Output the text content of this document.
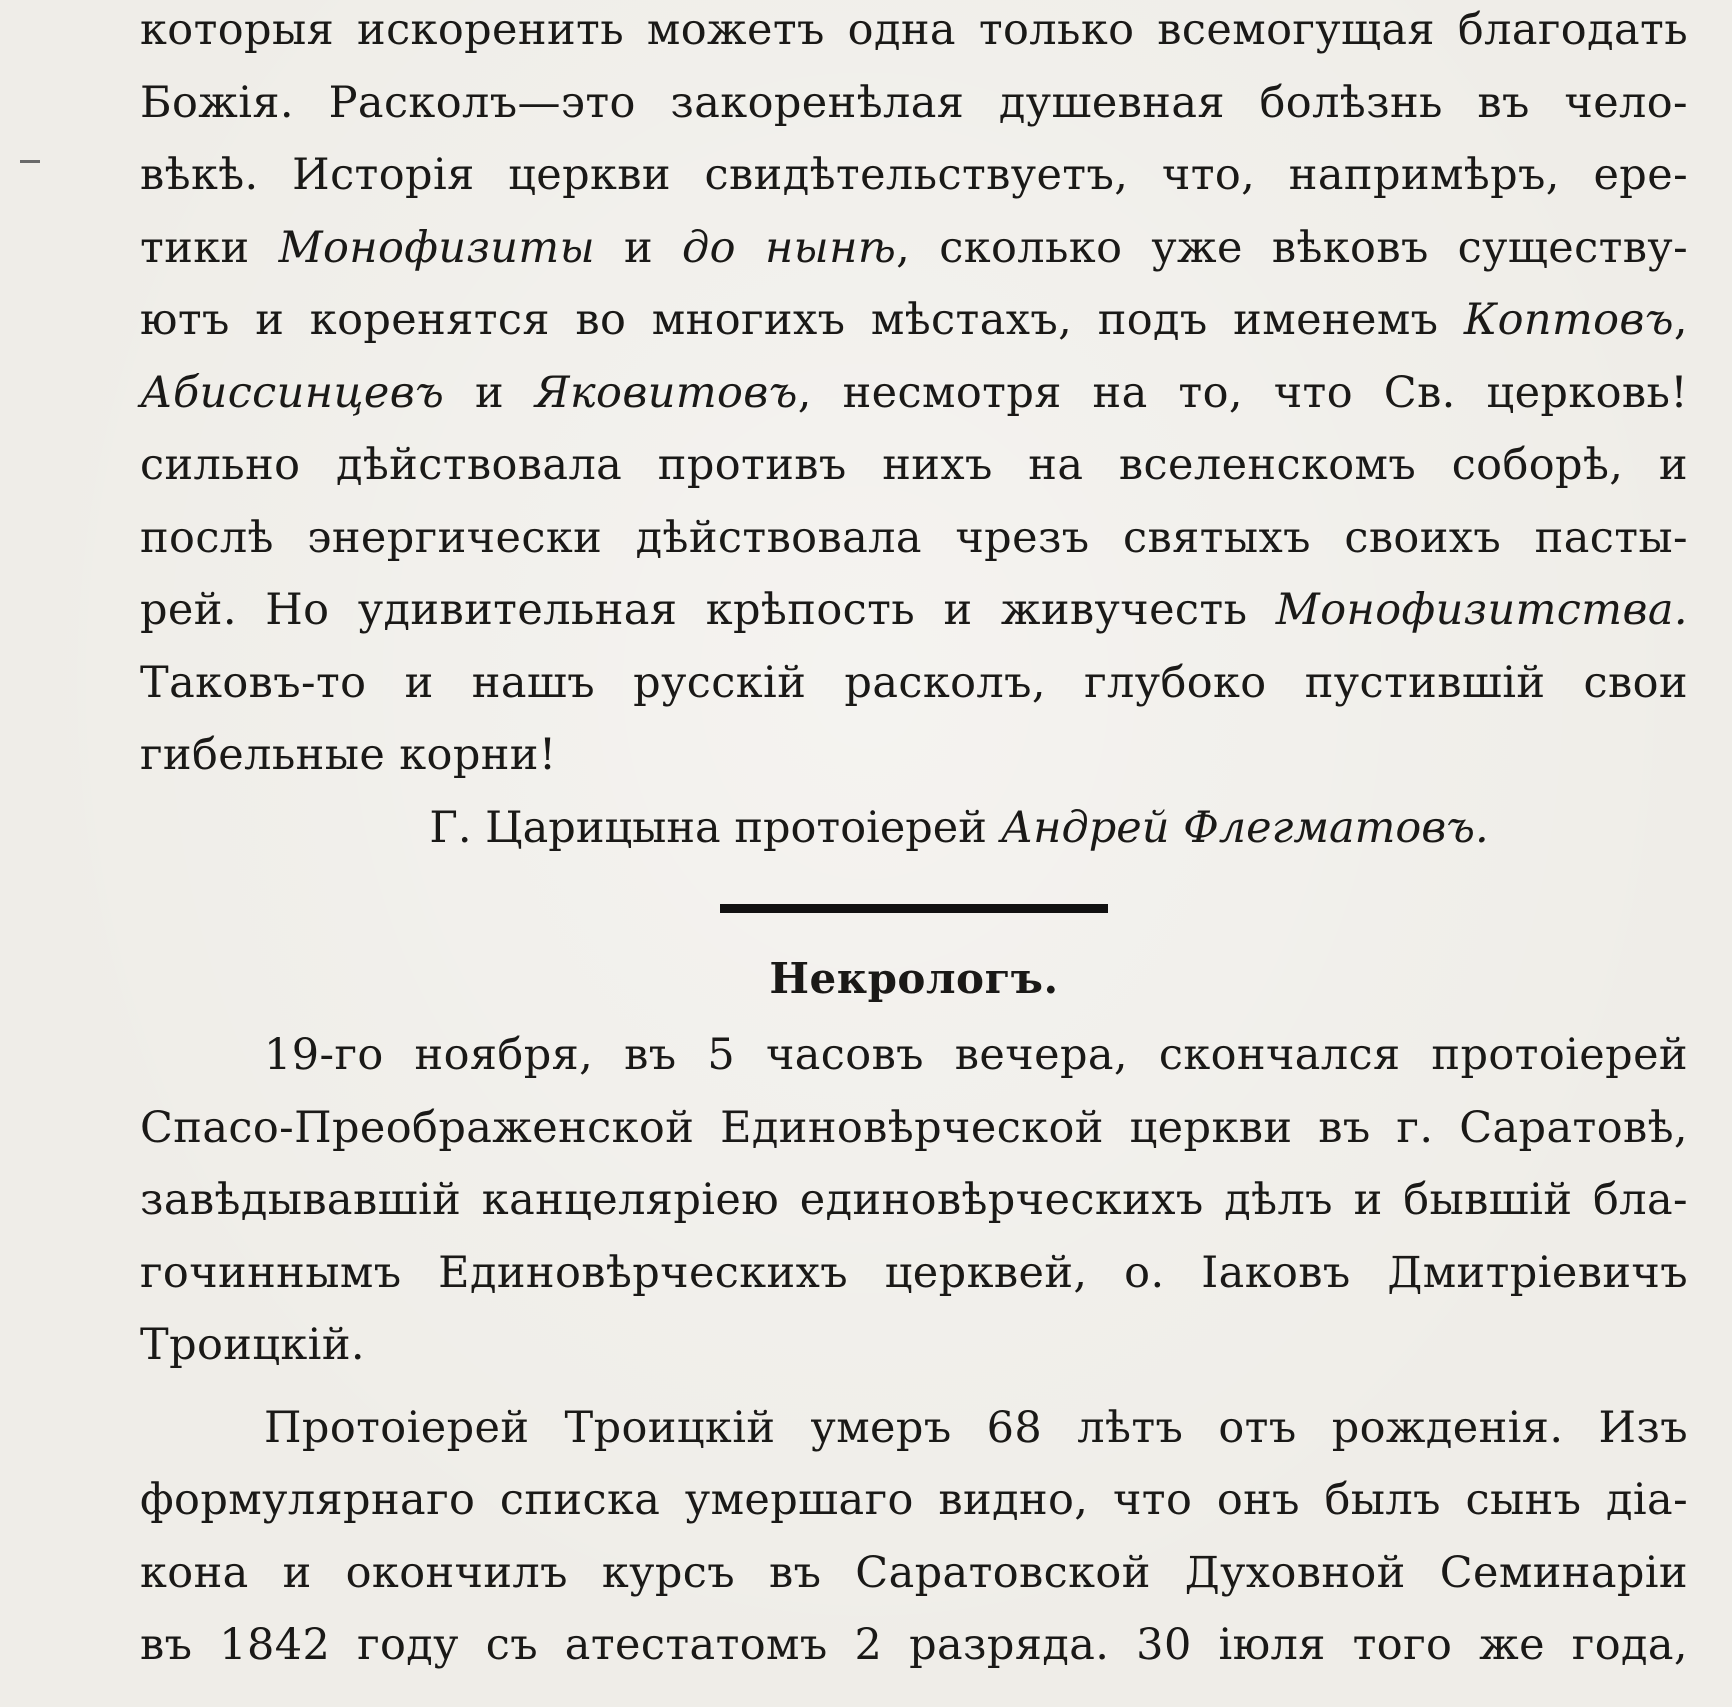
которыя искоренить можетъ одна только всемогущая благодать
Божія. Расколъ—это закоренѣлая душевная болѣзнь въ чело-
вѣкѣ. Исторія церкви свидѣтельствуетъ, что, напримѣръ, ере-
тики Монофизиты и до нынѣ, сколько уже вѣковъ существу-
ютъ и коренятся во многихъ мѣстахъ, подъ именемъ Коптовъ,
Абиссинцевъ и Яковитовъ, несмотря на то, что Св. церковь!
сильно дѣйствовала противъ нихъ на вселенскомъ соборѣ, и
послѣ энергически дѣйствовала чрезъ святыхъ своихъ пасты-
рей. Но удивительная крѣпость и живучесть Монофизитства.
Таковъ-то и нашъ русскій расколъ, глубоко пустившій свои
гибельные корни!
Г. Царицына протоіерей Андрей Флегматовъ.
Некрологъ.
19-го ноября, въ 5 часовъ вечера, скончался протоіерей
Спасо-Преображенской Единовѣрческой церкви въ г. Саратовѣ,
завѣдывавшій канцеляріею единовѣрческихъ дѣлъ и бывшій бла-
гочиннымъ Единовѣрческихъ церквей, о. Іаковъ Дмитріевичъ
Троицкій.
Протоіерей Троицкій умеръ 68 лѣтъ отъ рожденія. Изъ
формулярнаго списка умершаго видно, что онъ былъ сынъ діа-
кона и окончилъ курсъ въ Саратовской Духовной Семинаріи
въ 1842 году съ атестатомъ 2 разряда. 30 іюля того же года,
